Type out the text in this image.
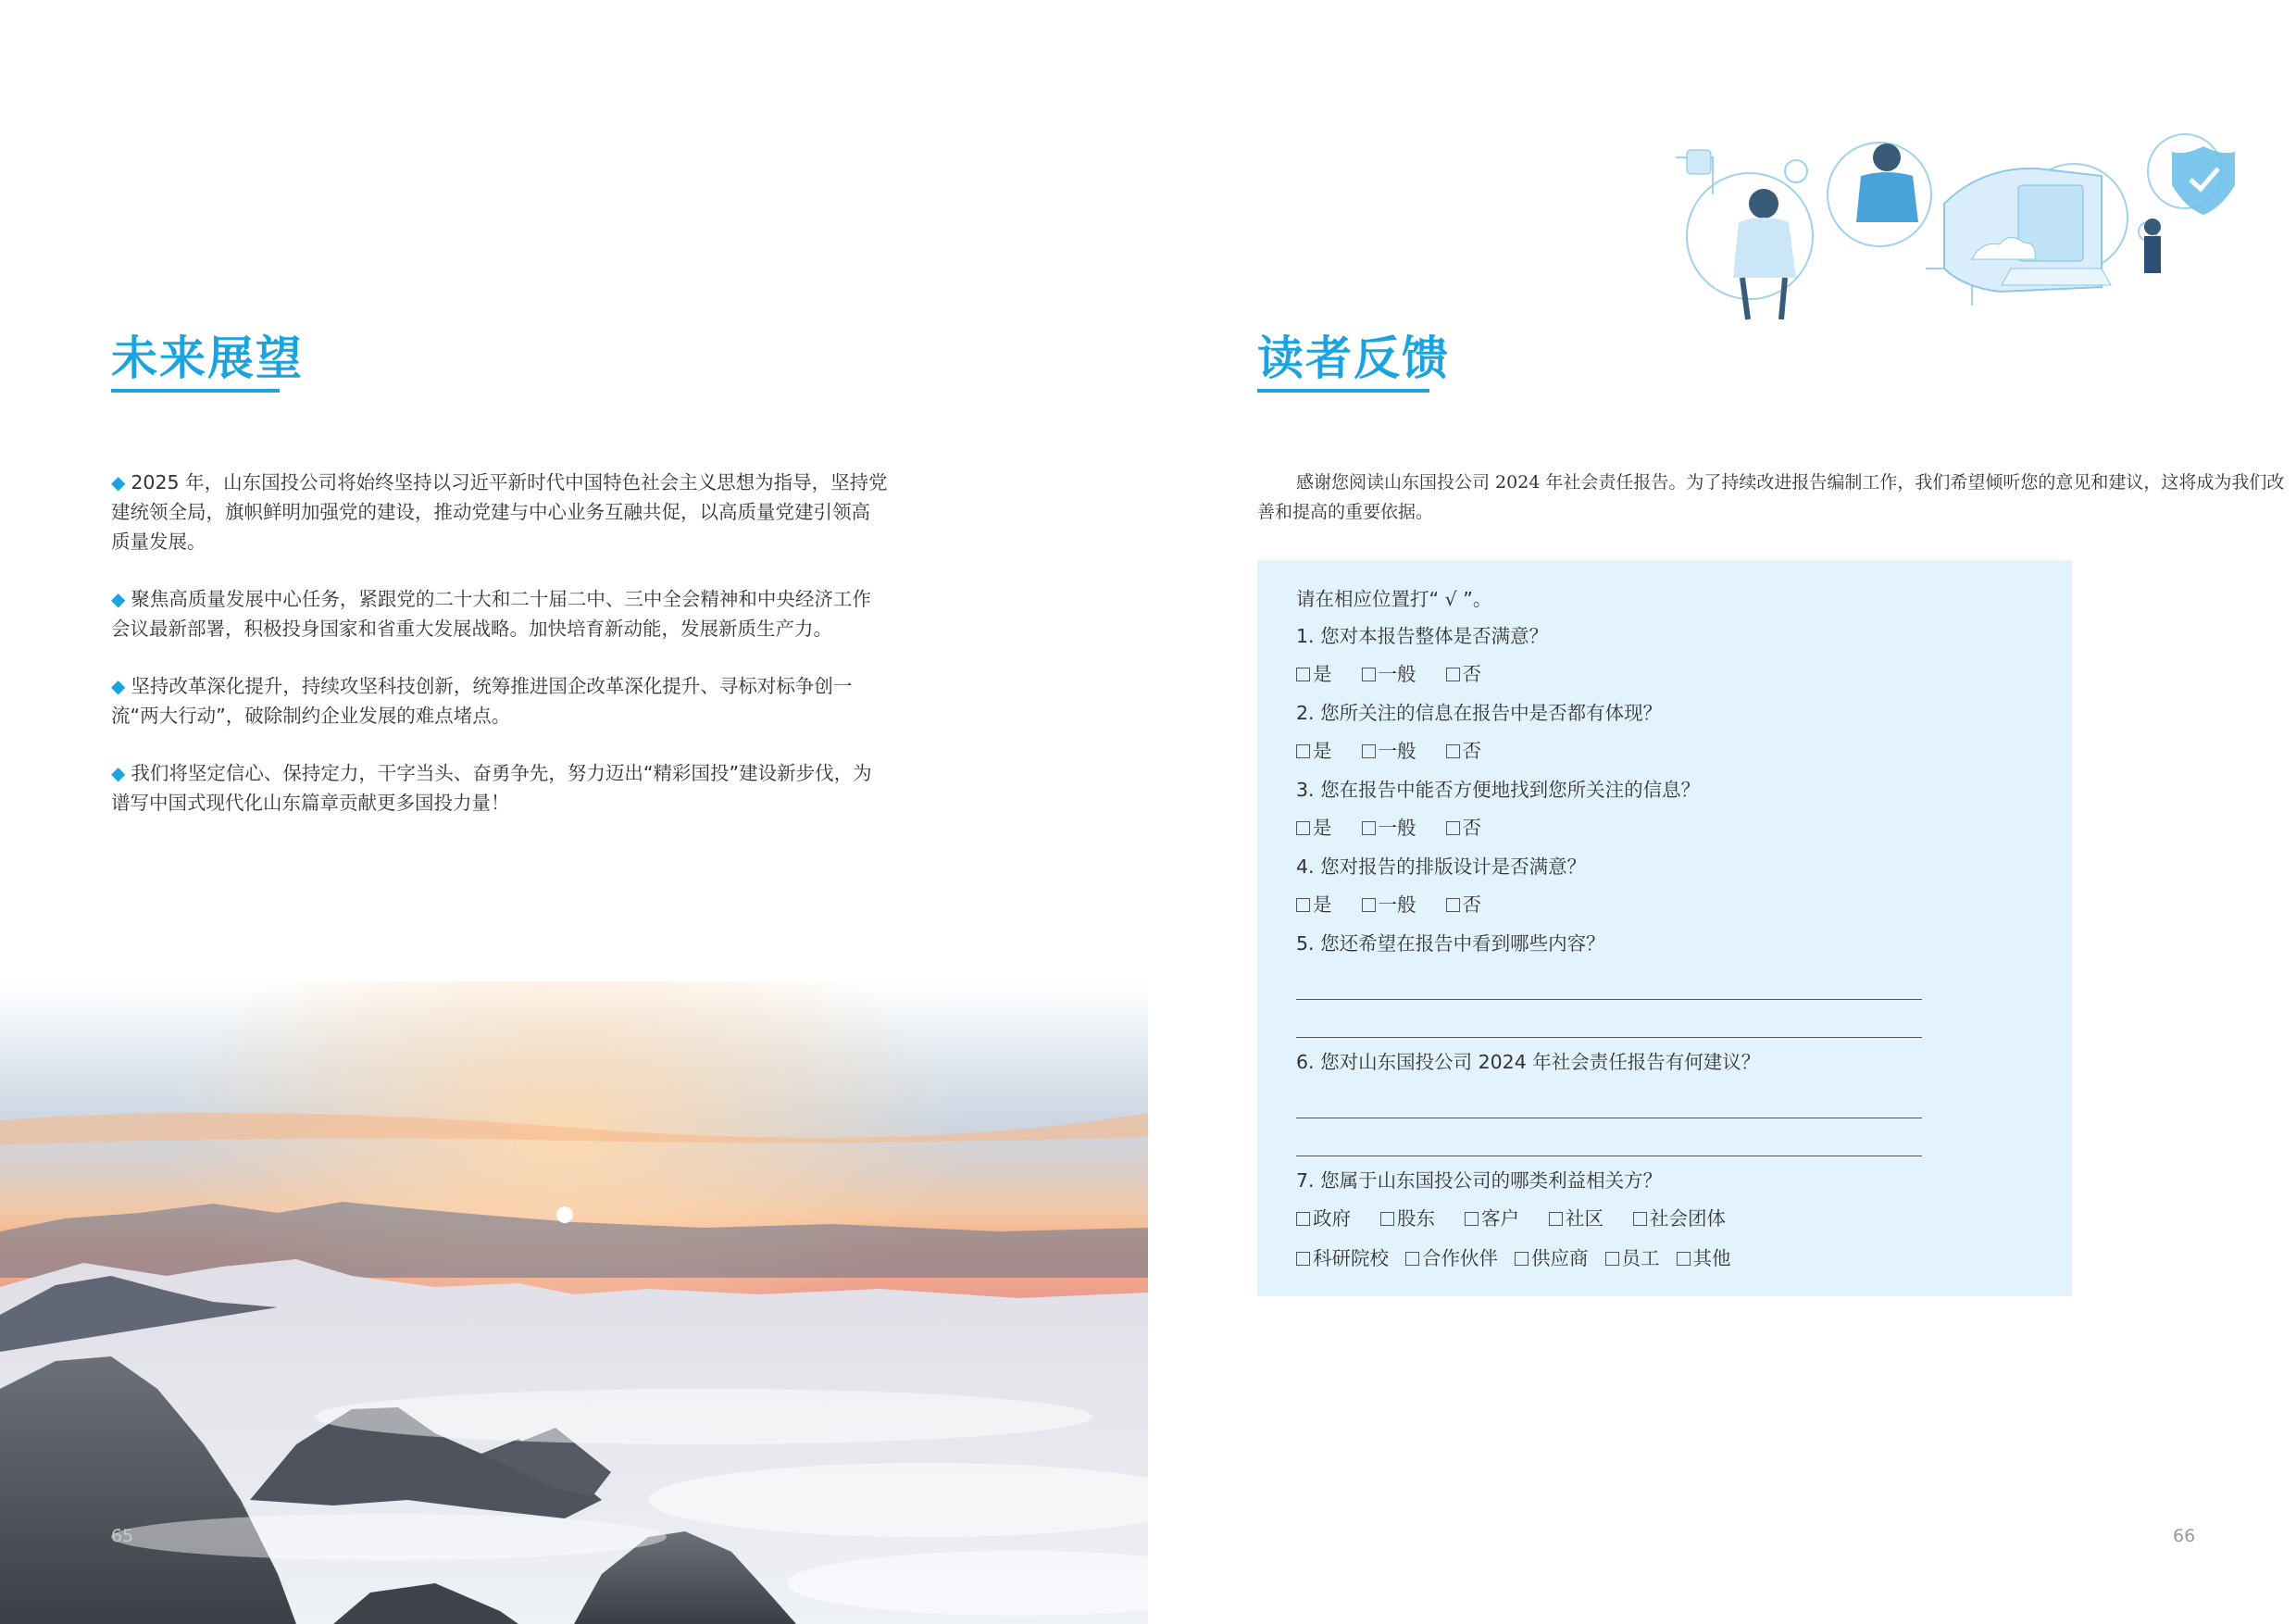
未来展望

◆ 2025 年，山东国投公司将始终坚持以习近平新时代中国特色社会主义思想为指导，坚持党建统领全局，旗帜鲜明加强党的建设，推动党建与中心业务互融共促，以高质量党建引领高质量发展。

◆ 聚焦高质量发展中心任务，紧跟党的二十大和二十届二中、三中全会精神和中央经济工作会议最新部署，积极投身国家和省重大发展战略。加快培育新动能，发展新质生产力。

◆ 坚持改革深化提升，持续攻坚科技创新，统筹推进国企改革深化提升、寻标对标争创一流“两大行动”，破除制约企业发展的难点堵点。

◆ 我们将坚定信心、保持定力，干字当头、奋勇争先，努力迈出“精彩国投”建设新步伐，为谱写中国式现代化山东篇章贡献更多国投力量！

65
读者反馈

感谢您阅读山东国投公司 2024 年社会责任报告。为了持续改进报告编制工作，我们希望倾听您的意见和建议，这将成为我们改善和提高的重要依据。

请在相应位置打“ √ ”。

1. 您对本报告整体是否满意？

是	一般	否

2. 您所关注的信息在报告中是否都有体现？

是	一般	否

3. 您在报告中能否方便地找到您所关注的信息？

是	一般	否

4. 您对报告的排版设计是否满意？

是	一般	否

5. 您还希望在报告中看到哪些内容？

6. 您对山东国投公司 2024 年社会责任报告有何建议？

7. 您属于山东国投公司的哪类利益相关方？

政府	股东	客户	社区	社会团体
科研院校	合作伙伴	供应商	员工	其他
66
